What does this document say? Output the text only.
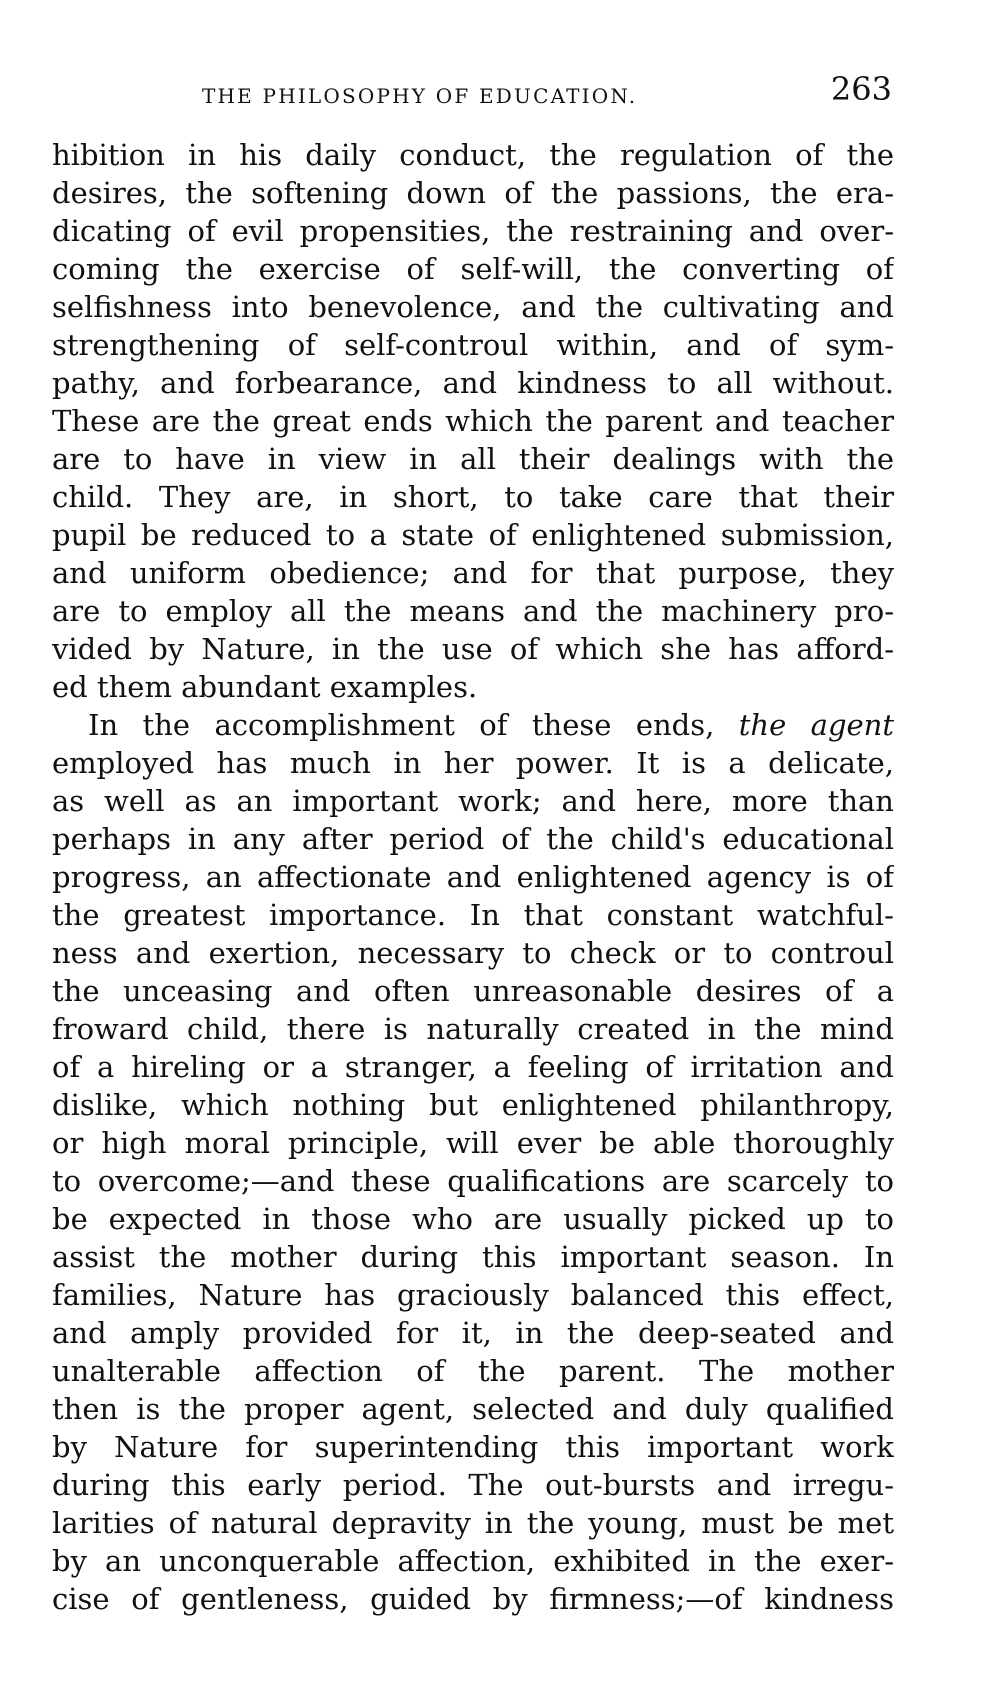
THE PHILOSOPHY OF EDUCATION.	263
hibition in his daily conduct, the regulation of the
desires, the softening down of the passions, the era-
dicating of evil propensities, the restraining and over-
coming the exercise of self-will, the converting of
selfishness into benevolence, and the cultivating and
strengthening of self-controul within, and of sym-
pathy, and forbearance, and kindness to all without.
These are the great ends which the parent and teacher
are to have in view in all their dealings with the
child. They are, in short, to take care that their
pupil be reduced to a state of enlightened submission,
and uniform obedience; and for that purpose, they
are to employ all the means and the machinery pro-
vided by Nature, in the use of which she has afford-
ed them abundant examples.
In the accomplishment of these ends, the agent
employed has much in her power. It is a delicate,
as well as an important work; and here, more than
perhaps in any after period of the child's educational
progress, an affectionate and enlightened agency is of
the greatest importance. In that constant watchful-
ness and exertion, necessary to check or to controul
the unceasing and often unreasonable desires of a
froward child, there is naturally created in the mind
of a hireling or a stranger, a feeling of irritation and
dislike, which nothing but enlightened philanthropy,
or high moral principle, will ever be able thoroughly
to overcome;—and these qualifications are scarcely to
be expected in those who are usually picked up to
assist the mother during this important season. In
families, Nature has graciously balanced this effect,
and amply provided for it, in the deep-seated and
unalterable affection of the parent. The mother
then is the proper agent, selected and duly qualified
by Nature for superintending this important work
during this early period. The out-bursts and irregu-
larities of natural depravity in the young, must be met
by an unconquerable affection, exhibited in the exer-
cise of gentleness, guided by firmness;—of kindness
